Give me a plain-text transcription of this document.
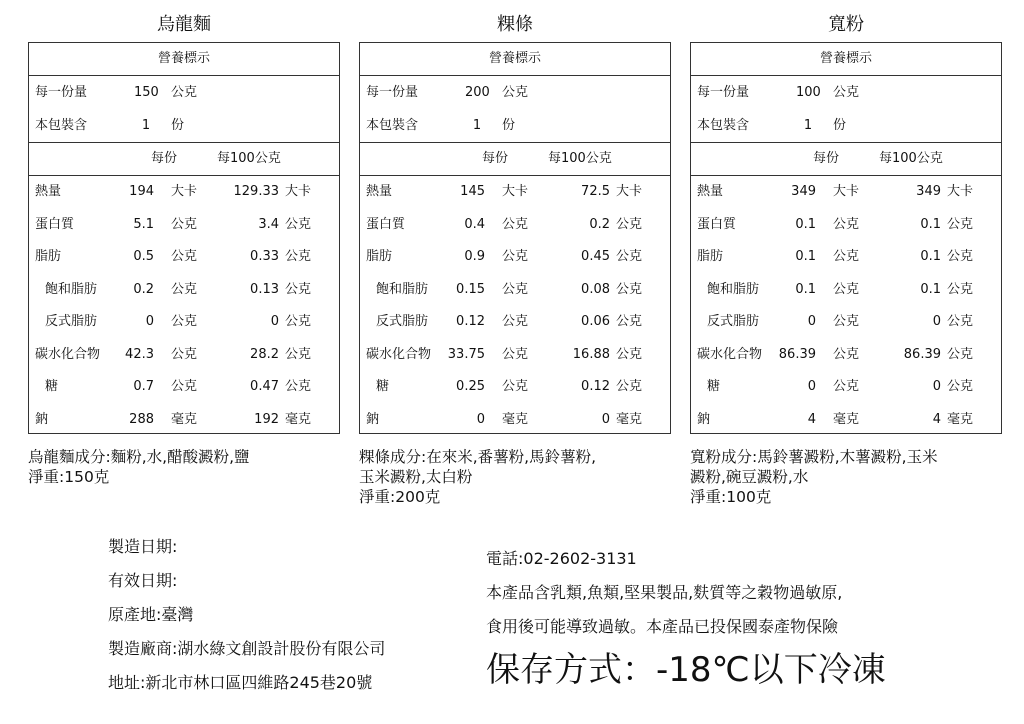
烏龍麵
營養標示
每一份量	150 公克
本包裝含	1	份
每份	每100公克
熱量	194 大卡	129.33 大卡
蛋白質	5.1 公克	3.4 公克
脂肪	0.5 公克	0.33 公克
飽和脂肪	0.2 公克	0.13 公克
反式脂肪	0 公克	0 公克
碳水化合物 42.3 公克	28.2 公克
糖	0.7 公克	0.47 公克
鈉	288 毫克	192 毫克
烏龍麵成分:麵粉,水,醋酸澱粉,鹽
淨重:150克
粿條
營養標示
每一份量	200 公克
本包裝含	1	份
每份	每100公克
熱量	145 大卡	72.5 大卡
蛋白質	0.4 公克	0.2 公克
脂肪	0.9 公克	0.45 公克
飽和脂肪 0.15 公克	0.08 公克
反式脂肪 0.12 公克	0.06 公克
碳水化合物 33.75 公克	16.88 公克
糖	0.25 公克	0.12 公克
鈉	0 毫克	0 毫克
粿條成分:在來米,番薯粉,馬鈴薯粉,
玉米澱粉,太白粉
淨重:200克
寬粉
營養標示
每一份量	100 公克
本包裝含	1	份
每份	每100公克
熱量	349 大卡	349 大卡
蛋白質	0.1 公克	0.1 公克
脂肪	0.1 公克	0.1 公克
飽和脂肪	0.1 公克	0.1 公克
反式脂肪	0 公克	0 公克
碳水化合物 86.39 公克	86.39 公克
糖	0 公克	0 公克
鈉	4 毫克	4 毫克
寬粉成分:馬鈴薯澱粉,木薯澱粉,玉米
澱粉,碗豆澱粉,水
淨重:100克
製造日期:
有效日期:
原產地:臺灣
製造廠商:湖水綠文創設計股份有限公司
地址:新北市林口區四維路245巷20號
電話:02-2602-3131
本產品含乳類,魚類,堅果製品,麩質等之穀物過敏原,
食用後可能導致過敏。本產品已投保國泰產物保險
保存方式：-18℃以下冷凍
